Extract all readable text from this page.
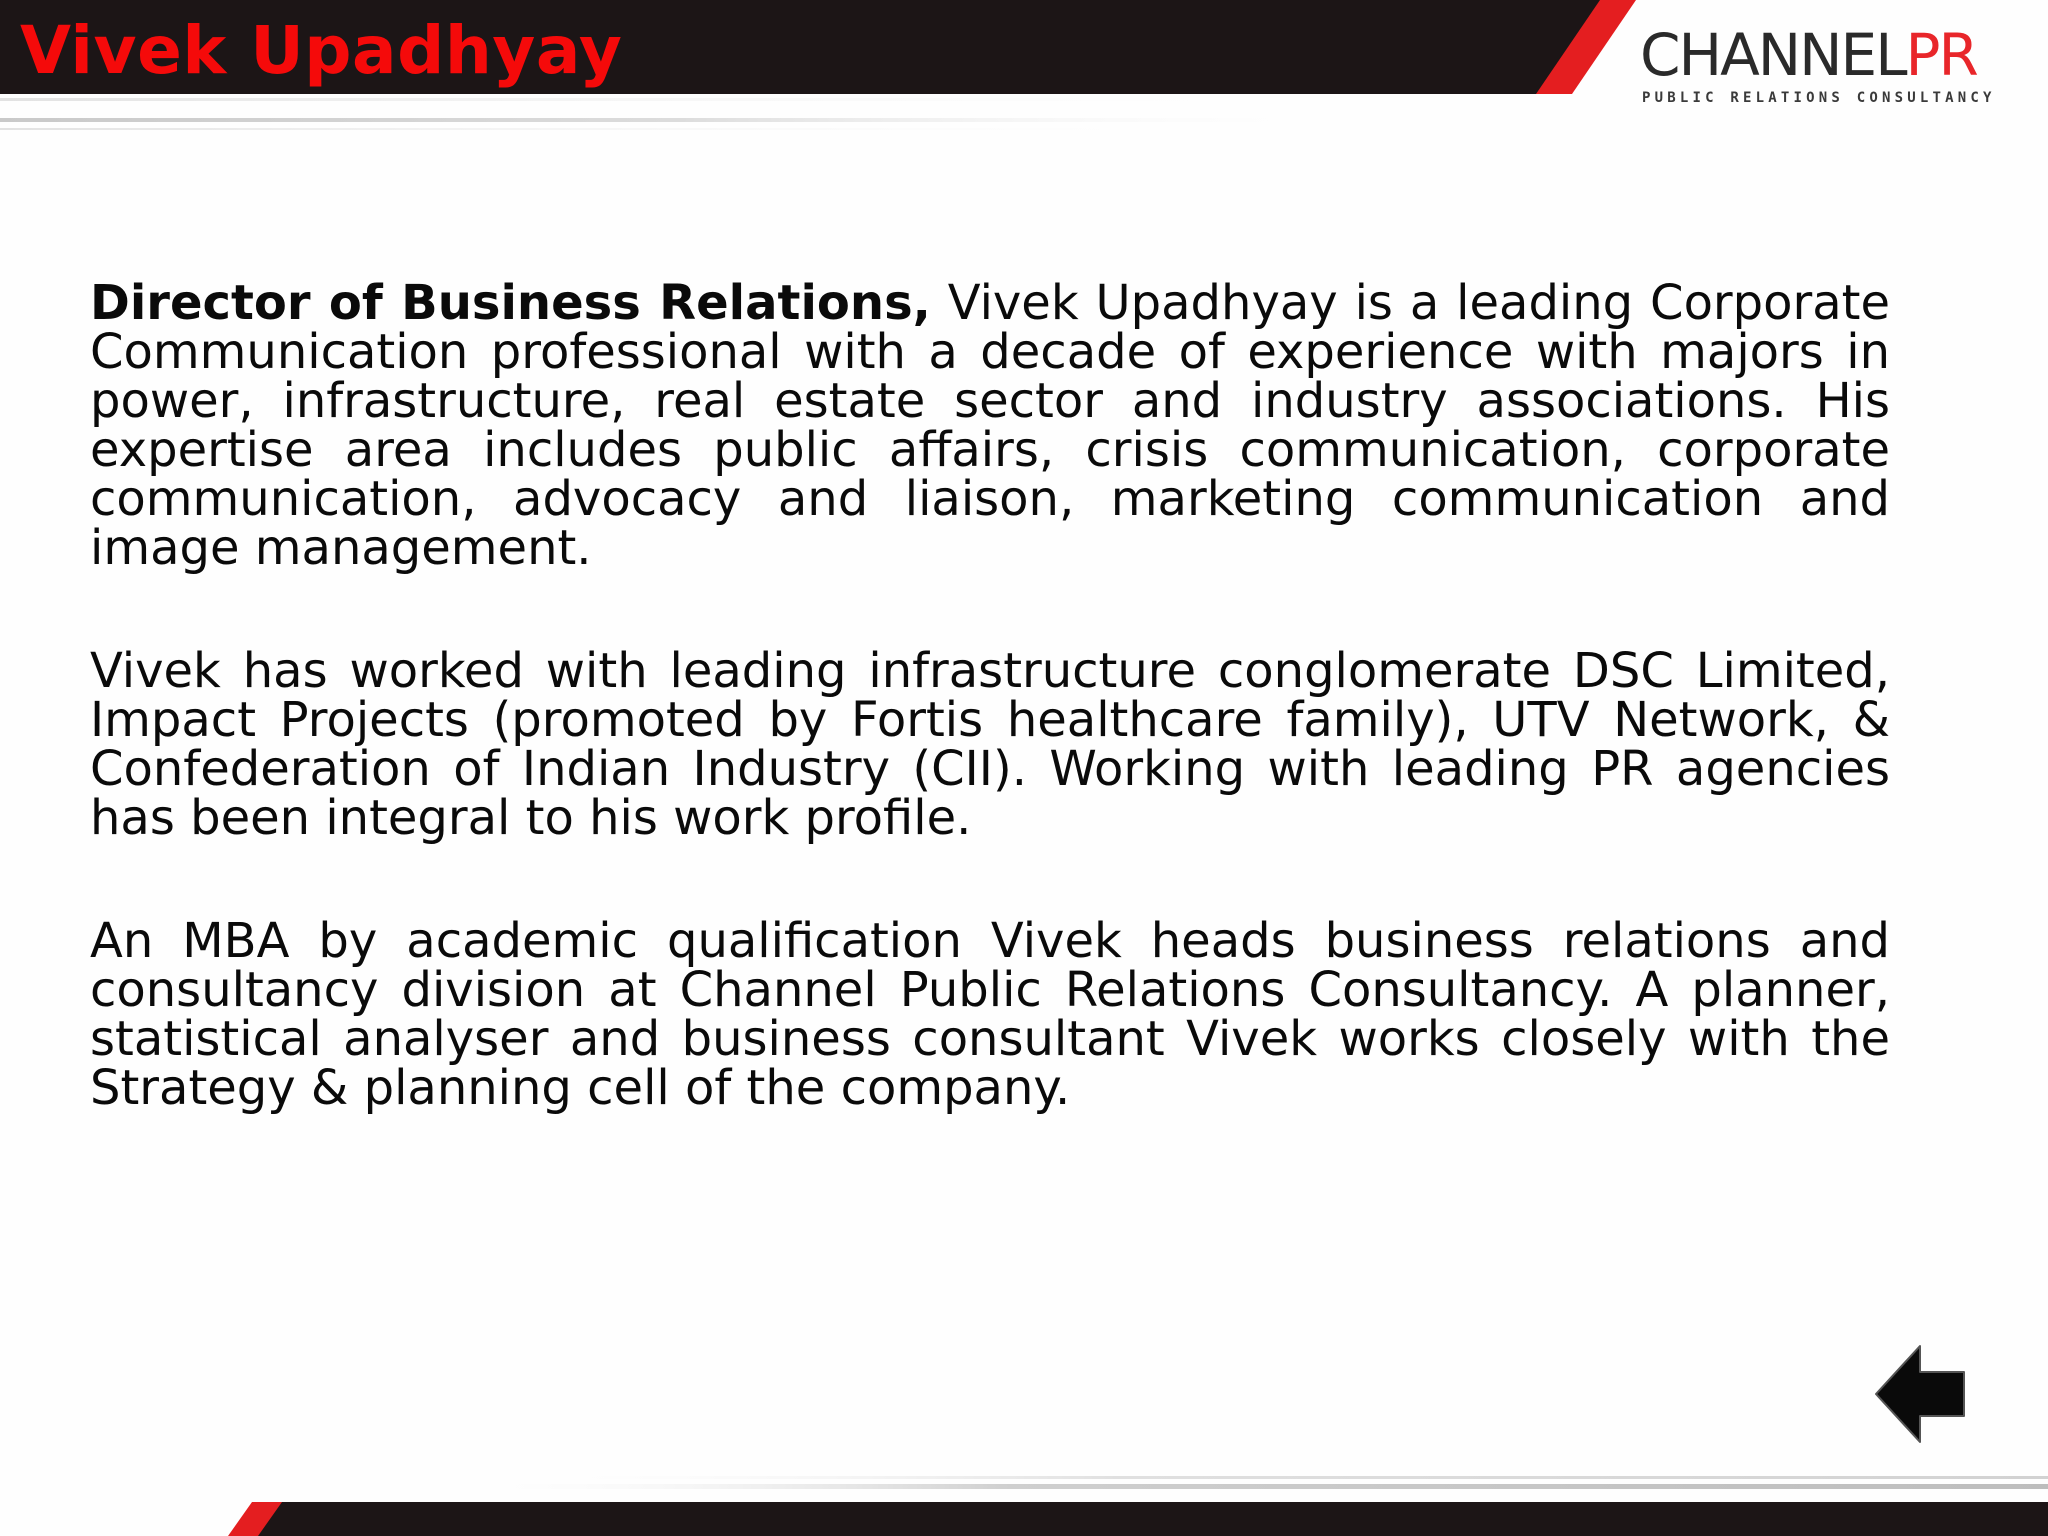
Vivek Upadhyay	CHANNELPR
PUBLIC RELATIONS CONSULTANCY

Director of Business Relations, Vivek Upadhyay is a leading Corporate Communication professional with a decade of experience with majors in power, infrastructure, real estate sector and industry associations. His expertise area includes public affairs, crisis communication, corporate communication, advocacy and liaison, marketing communication and image management.

Vivek has worked with leading infrastructure conglomerate DSC Limited, Impact Projects (promoted by Fortis healthcare family), UTV Network, & Confederation of Indian Industry (CII). Working with leading PR agencies has been integral to his work profile.

An MBA by academic qualification Vivek heads business relations and consultancy division at Channel Public Relations Consultancy. A planner, statistical analyser and business consultant Vivek works closely with the Strategy & planning cell of the company.
